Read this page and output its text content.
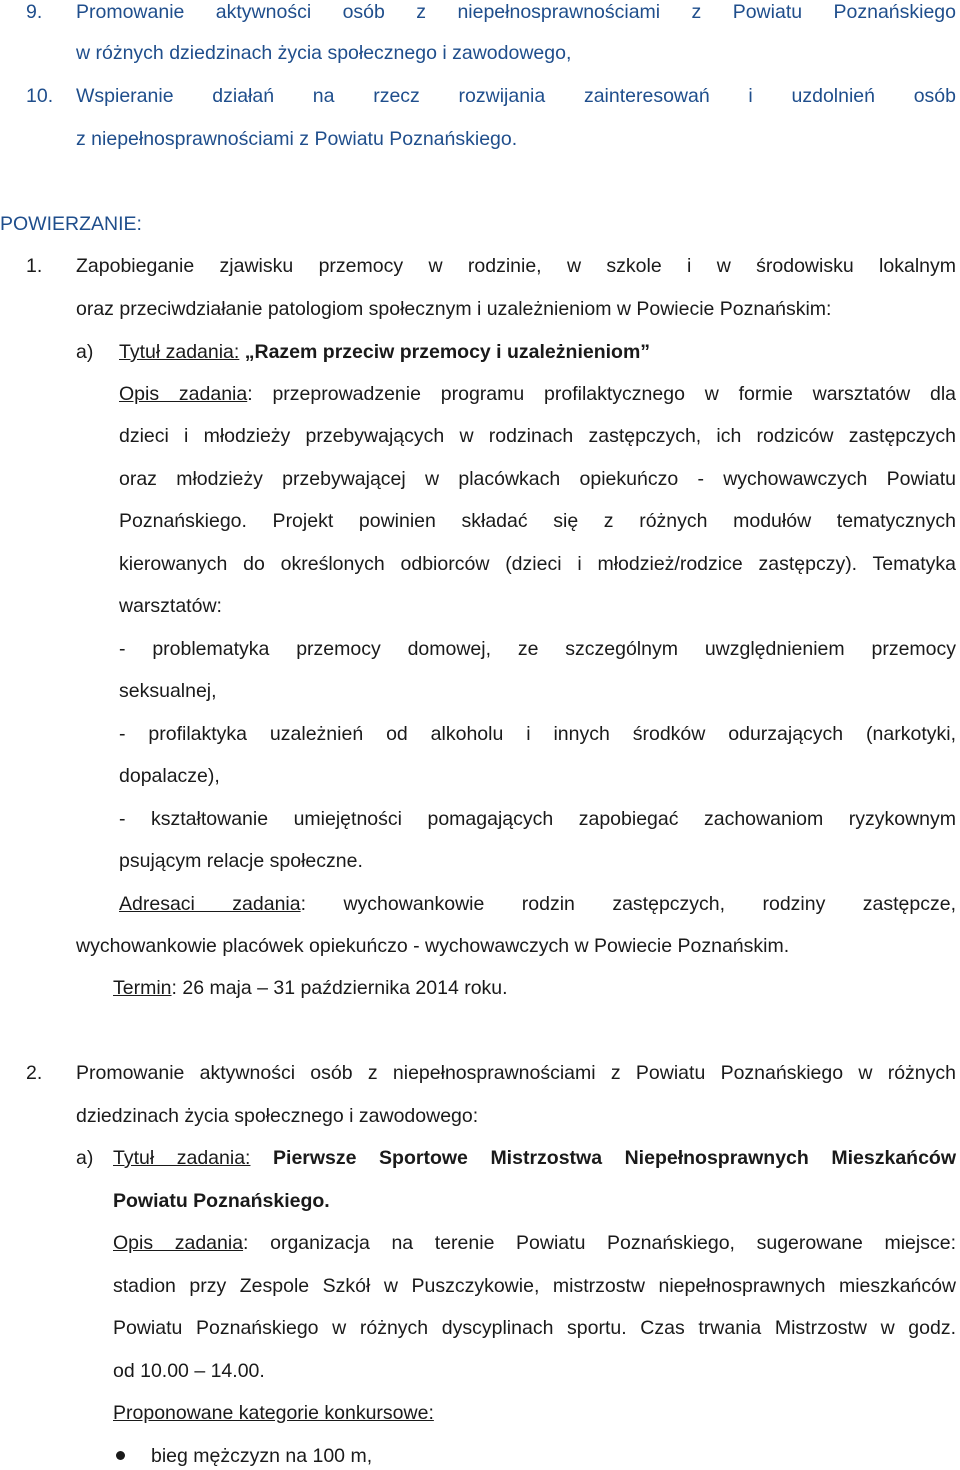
9. Promowanie aktywności osób z niepełnosprawnościami z Powiatu Poznańskiego
w różnych dziedzinach życia społecznego i zawodowego,
10. Wspieranie działań na rzecz rozwijania zainteresowań i uzdolnień osób
z niepełnosprawnościami z Powiatu Poznańskiego.
POWIERZANIE:
1. Zapobieganie zjawisku przemocy w rodzinie, w szkole i w środowisku lokalnym
oraz przeciwdziałanie patologiom społecznym i uzależnieniom w Powiecie Poznańskim:
a) Tytuł zadania: „Razem przeciw przemocy i uzależnieniom”
Opis zadania: przeprowadzenie programu profilaktycznego w formie warsztatów dla
dzieci i młodzieży przebywających w rodzinach zastępczych, ich rodziców zastępczych
oraz młodzieży przebywającej w placówkach opiekuńczo - wychowawczych Powiatu
Poznańskiego. Projekt powinien składać się z różnych modułów tematycznych
kierowanych do określonych odbiorców (dzieci i młodzież/rodzice zastępczy). Tematyka
warsztatów:
- problematyka przemocy domowej, ze szczególnym uwzględnieniem przemocy
seksualnej,
- profilaktyka uzależnień od alkoholu i innych środków odurzających (narkotyki,
dopalacze),
- kształtowanie umiejętności pomagających zapobiegać zachowaniom ryzykownym
psującym relacje społeczne.
Adresaci zadania: wychowankowie rodzin zastępczych, rodziny zastępcze,
wychowankowie placówek opiekuńczo - wychowawczych w Powiecie Poznańskim.
Termin: 26 maja – 31 października 2014 roku.
2. Promowanie aktywności osób z niepełnosprawnościami z Powiatu Poznańskiego w różnych
dziedzinach życia społecznego i zawodowego:
a) Tytuł zadania: Pierwsze Sportowe Mistrzostwa Niepełnosprawnych Mieszkańców
Powiatu Poznańskiego.
Opis zadania: organizacja na terenie Powiatu Poznańskiego, sugerowane miejsce:
stadion przy Zespole Szkół w Puszczykowie, mistrzostw niepełnosprawnych mieszkańców
Powiatu Poznańskiego w różnych dyscyplinach sportu. Czas trwania Mistrzostw w godz.
od 10.00 – 14.00.
Proponowane kategorie konkursowe:
bieg mężczyzn na 100 m,
